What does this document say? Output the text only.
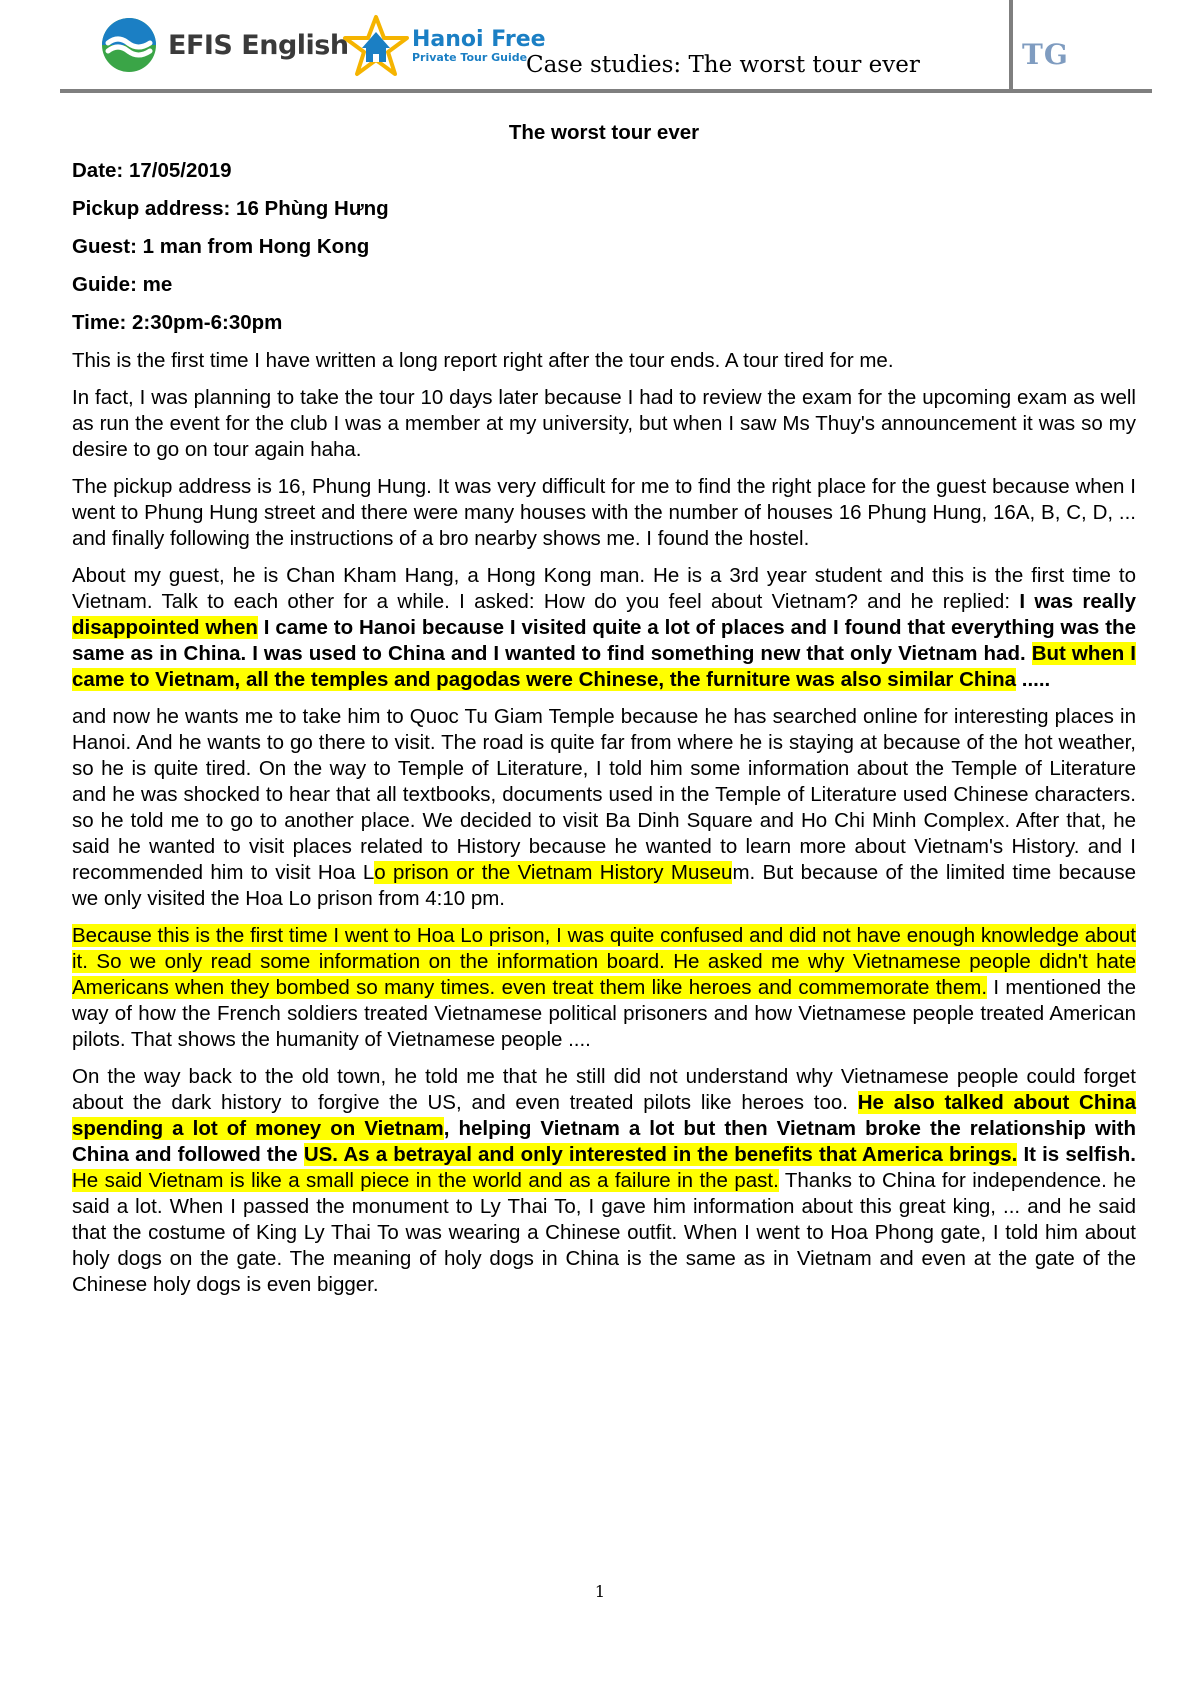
EFIS English	Hanoi Free
Private Tour Guide
Case studies: The worst tour ever	TG
The worst tour ever
Date: 17/05/2019
Pickup address: 16 Phùng Hưng
Guest: 1 man from Hong Kong
Guide: me
Time: 2:30pm-6:30pm

This is the first time I have written a long report right after the tour ends. A tour tired for me.

In fact, I was planning to take the tour 10 days later because I had to review the exam for the upcoming exam as well as run the event for the club I was a member at my university, but when I saw Ms Thuy's announcement it was so my desire to go on tour again haha.

The pickup address is 16, Phung Hung. It was very difficult for me to find the right place for the guest because when I went to Phung Hung street and there were many houses with the number of houses 16 Phung Hung, 16A, B, C, D, ... and finally following the instructions of a bro nearby shows me. I found the hostel.

About my guest, he is Chan Kham Hang, a Hong Kong man. He is a 3rd year student and this is the first time to Vietnam. Talk to each other for a while. I asked: How do you feel about Vietnam? and he replied: I was really disappointed when I came to Hanoi because I visited quite a lot of places and I found that everything was the same as in China. I was used to China and I wanted to find something new that only Vietnam had. But when I came to Vietnam, all the temples and pagodas were Chinese, the furniture was also similar China .....

and now he wants me to take him to Quoc Tu Giam Temple because he has searched online for interesting places in Hanoi. And he wants to go there to visit. The road is quite far from where he is staying at because of the hot weather, so he is quite tired. On the way to Temple of Literature, I told him some information about the Temple of Literature and he was shocked to hear that all textbooks, documents used in the Temple of Literature used Chinese characters. so he told me to go to another place. We decided to visit Ba Dinh Square and Ho Chi Minh Complex. After that, he said he wanted to visit places related to History because he wanted to learn more about Vietnam's History. and I recommended him to visit Hoa Lo prison or the Vietnam History Museum. But because of the limited time because we only visited the Hoa Lo prison from 4:10 pm.

Because this is the first time I went to Hoa Lo prison, I was quite confused and did not have enough knowledge about it. So we only read some information on the information board. He asked me why Vietnamese people didn't hate Americans when they bombed so many times. even treat them like heroes and commemorate them. I mentioned the way of how the French soldiers treated Vietnamese political prisoners and how Vietnamese people treated American pilots. That shows the humanity of Vietnamese people ....

On the way back to the old town, he told me that he still did not understand why Vietnamese people could forget about the dark history to forgive the US, and even treated pilots like heroes too. He also talked about China spending a lot of money on Vietnam, helping Vietnam a lot but then Vietnam broke the relationship with China and followed the US. As a betrayal and only interested in the benefits that America brings. It is selfish. He said Vietnam is like a small piece in the world and as a failure in the past. Thanks to China for independence. he said a lot. When I passed the monument to Ly Thai To, I gave him information about this great king, ... and he said that the costume of King Ly Thai To was wearing a Chinese outfit. When I went to Hoa Phong gate, I told him about holy dogs on the gate. The meaning of holy dogs in China is the same as in Vietnam and even at the gate of the Chinese holy dogs is even bigger.

1
